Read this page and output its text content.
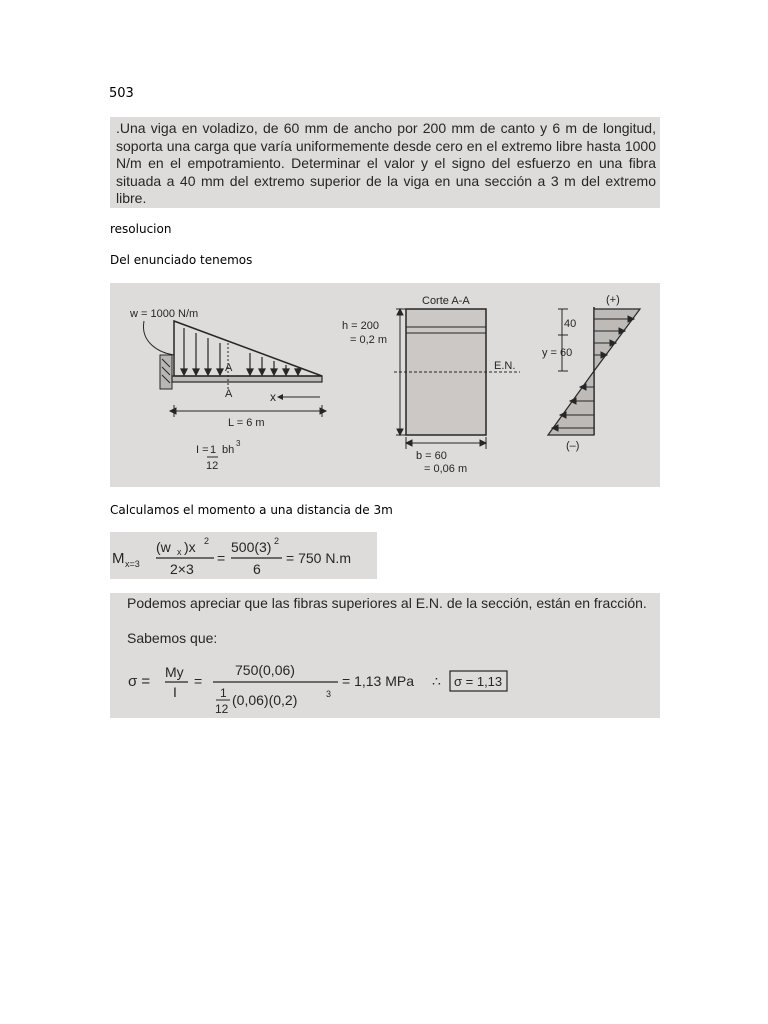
503

.Una viga en voladizo, de 60 mm de ancho por 200 mm de canto y 6 m de longitud, soporta una carga que varía uniformemente desde cero en el extremo libre hasta 1000 N/m en el empotramiento. Determinar el valor y el signo del esfuerzo en una fibra situada a 40 mm del extremo superior de la viga en una sección a 3 m del extremo libre.

resolucion
Del enunciado tenemos
A
A
w = 1000 N/m
x
L = 6 m
I = 1
12
bh
3
Corte A-A
E.N.
h = 200
= 0,2 m
b = 60
= 0,06 m
(+)
(–)
40
y = 60
Calculamos el momento a una distancia de 3m
M x=3
(w x )x 2
2×3
=
500(3) 2
6
= 750 N.m

Podemos apreciar que las fibras superiores al E.N. de la sección, están en fracción.

Sabemos que:

σ =
My
I
=
750(0,06)
1
12
(0,06)(0,2)	3
= 1,13 MPa ∴ σ = 1,13
